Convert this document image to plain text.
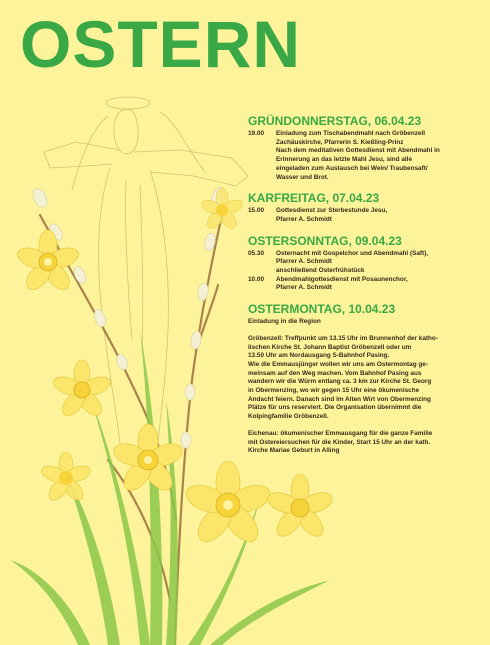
OSTERN
GRÜNDONNERSTAG, 06.04.23
19.00	Einladung zum Tischabendmahl nach Gröbenzell
Zachäuskirche, Pfarrerin S. Kießling-Prinz
Nach dem meditativen Gottesdienst mit Abendmahl in
Erinnerung an das letzte Mahl Jesu, sind alle
eingeladen zum Austausch bei Wein/ Traubensaft/
Wasser und Brot.
KARFREITAG, 07.04.23
15.00	Gottesdienst zur Sterbestunde Jesu,
Pfarrer A. Schmidt
OSTERSONNTAG, 09.04.23
05.30	Osternacht mit Gospelchor und Abendmahl (Saft),
Pfarrer A. Schmidt
anschließend Osterfrühstück
10.00	Abendmahlgottesdienst mit Posaunenchor,
Pfarrer A. Schmidt
OSTERMONTAG, 10.04.23
Einladung in die Region
Gröbenzell: Treffpunkt um 13.15 Uhr im Brunnenhof der katho-
lischen Kirche St. Johann Baptist Gröbenzell oder um
13.50 Uhr am Nordausgang S-Bahnhof Pasing.
Wie die Emmausjünger wollen wir uns am Ostermontag ge-
meinsam auf den Weg machen. Vom Bahnhof Pasing aus
wandern wir die Würm entlang ca. 3 km zur Kirche St. Georg
in Obermenzing, wo wir gegen 15 Uhr eine ökumenische
Andacht feiern. Danach sind im Alten Wirt von Obermenzing
Plätze für uns reserviert. Die Organisation übernimmt die
Kolpingfamilie Gröbenzell.
Eichenau: ökumenischer Emmausgang für die ganze Familie
mit Ostereiersuchen für die Kinder, Start 15 Uhr an der kath.
Kirche Mariae Geburt in Alling
